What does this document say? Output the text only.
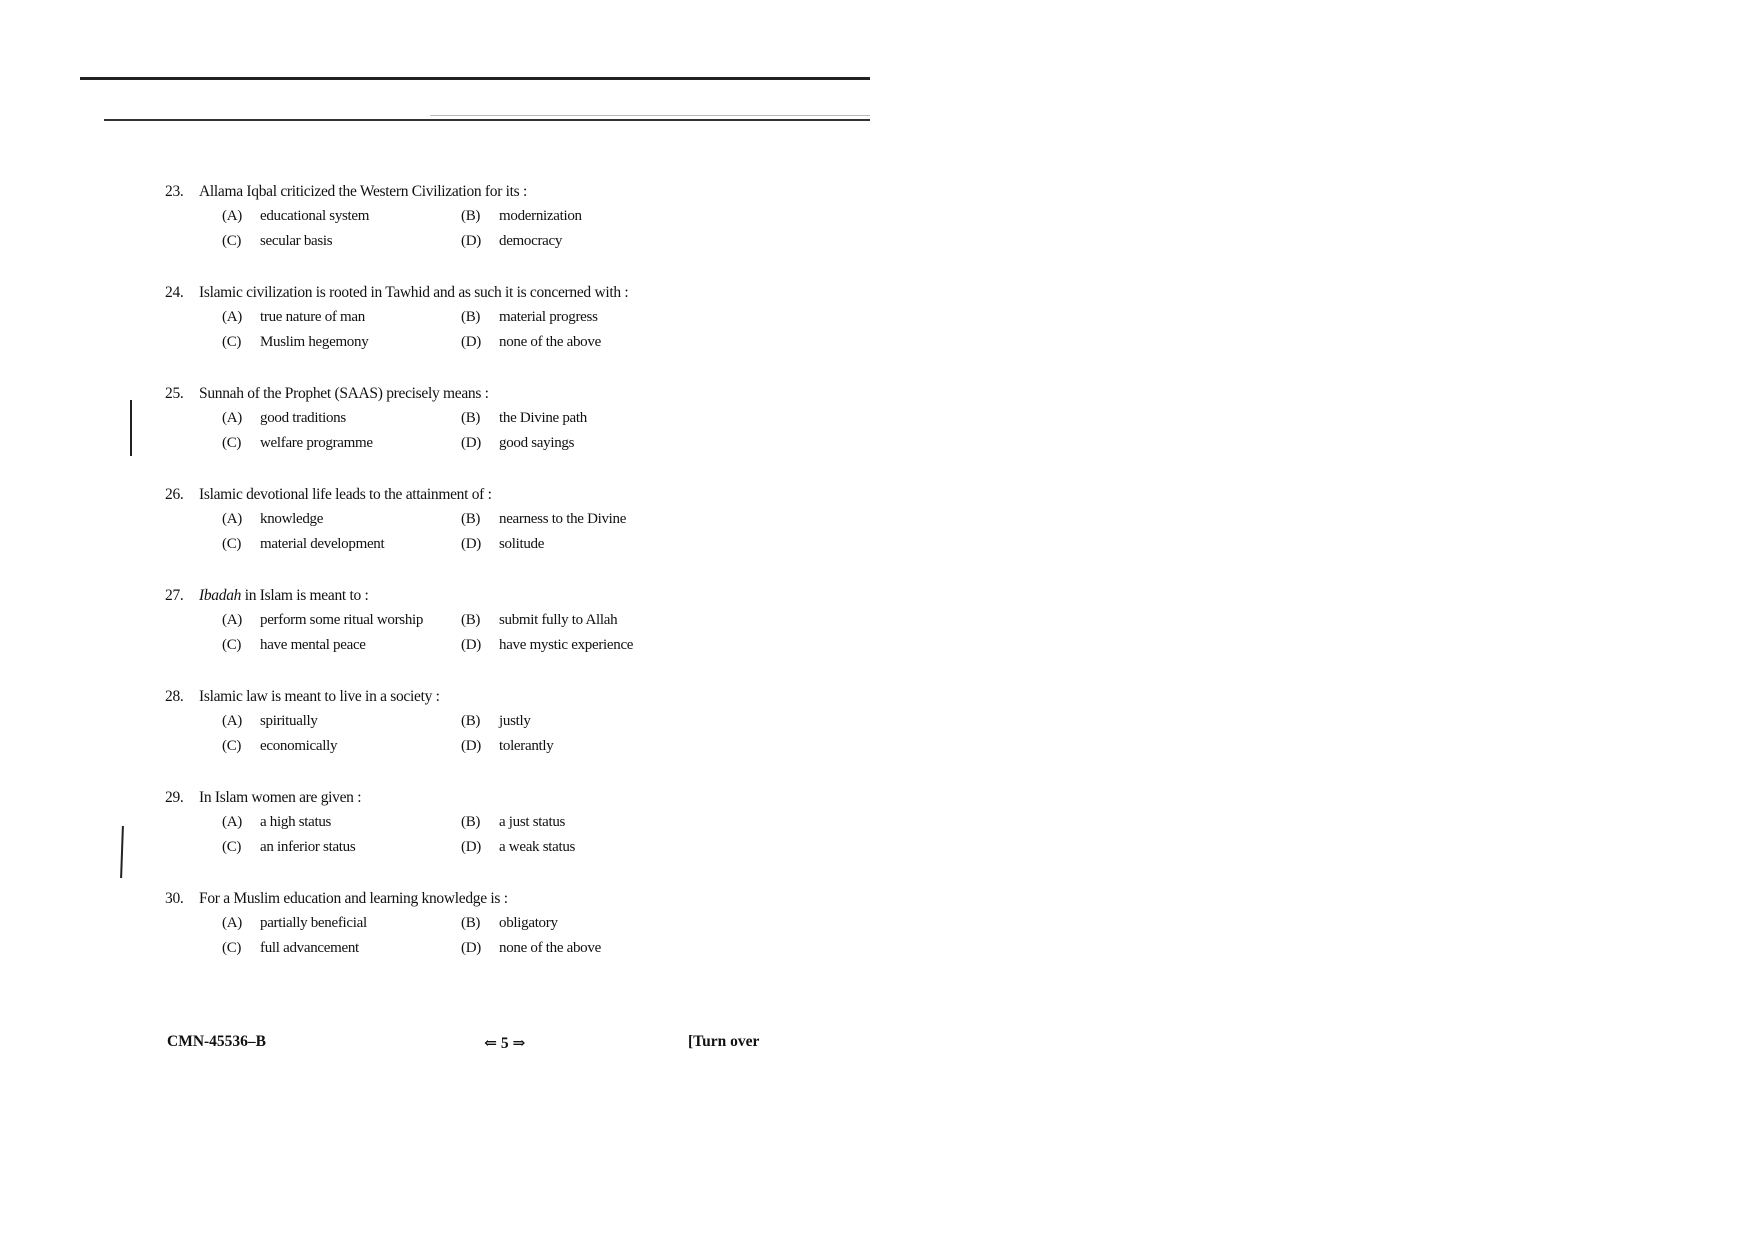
23. Allama Iqbal criticized the Western Civilization for its :
(A) educational system	(B) modernization
(C) secular basis	(D) democracy
24. Islamic civilization is rooted in Tawhid and as such it is concerned with :
(A) true nature of man	(B) material progress
(C) Muslim hegemony	(D) none of the above
25. Sunnah of the Prophet (SAAS) precisely means :
(A) good traditions	(B) the Divine path
(C) welfare programme	(D) good sayings
26. Islamic devotional life leads to the attainment of :
(A) knowledge	(B) nearness to the Divine
(C) material development	(D) solitude
27. Ibadah in Islam is meant to :
(A) perform some ritual worship	(B) submit fully to Allah
(C) have mental peace	(D) have mystic experience
28. Islamic law is meant to live in a society :
(A) spiritually	(B) justly
(C) economically	(D) tolerantly
29. In Islam women are given :
(A) a high status	(B) a just status
(C) an inferior status	(D) a weak status
30. For a Muslim education and learning knowledge is :
(A) partially beneficial	(B) obligatory
(C) full advancement	(D) none of the above
CMN-45536–B	⇐ 5 ⇒	[Turn over
